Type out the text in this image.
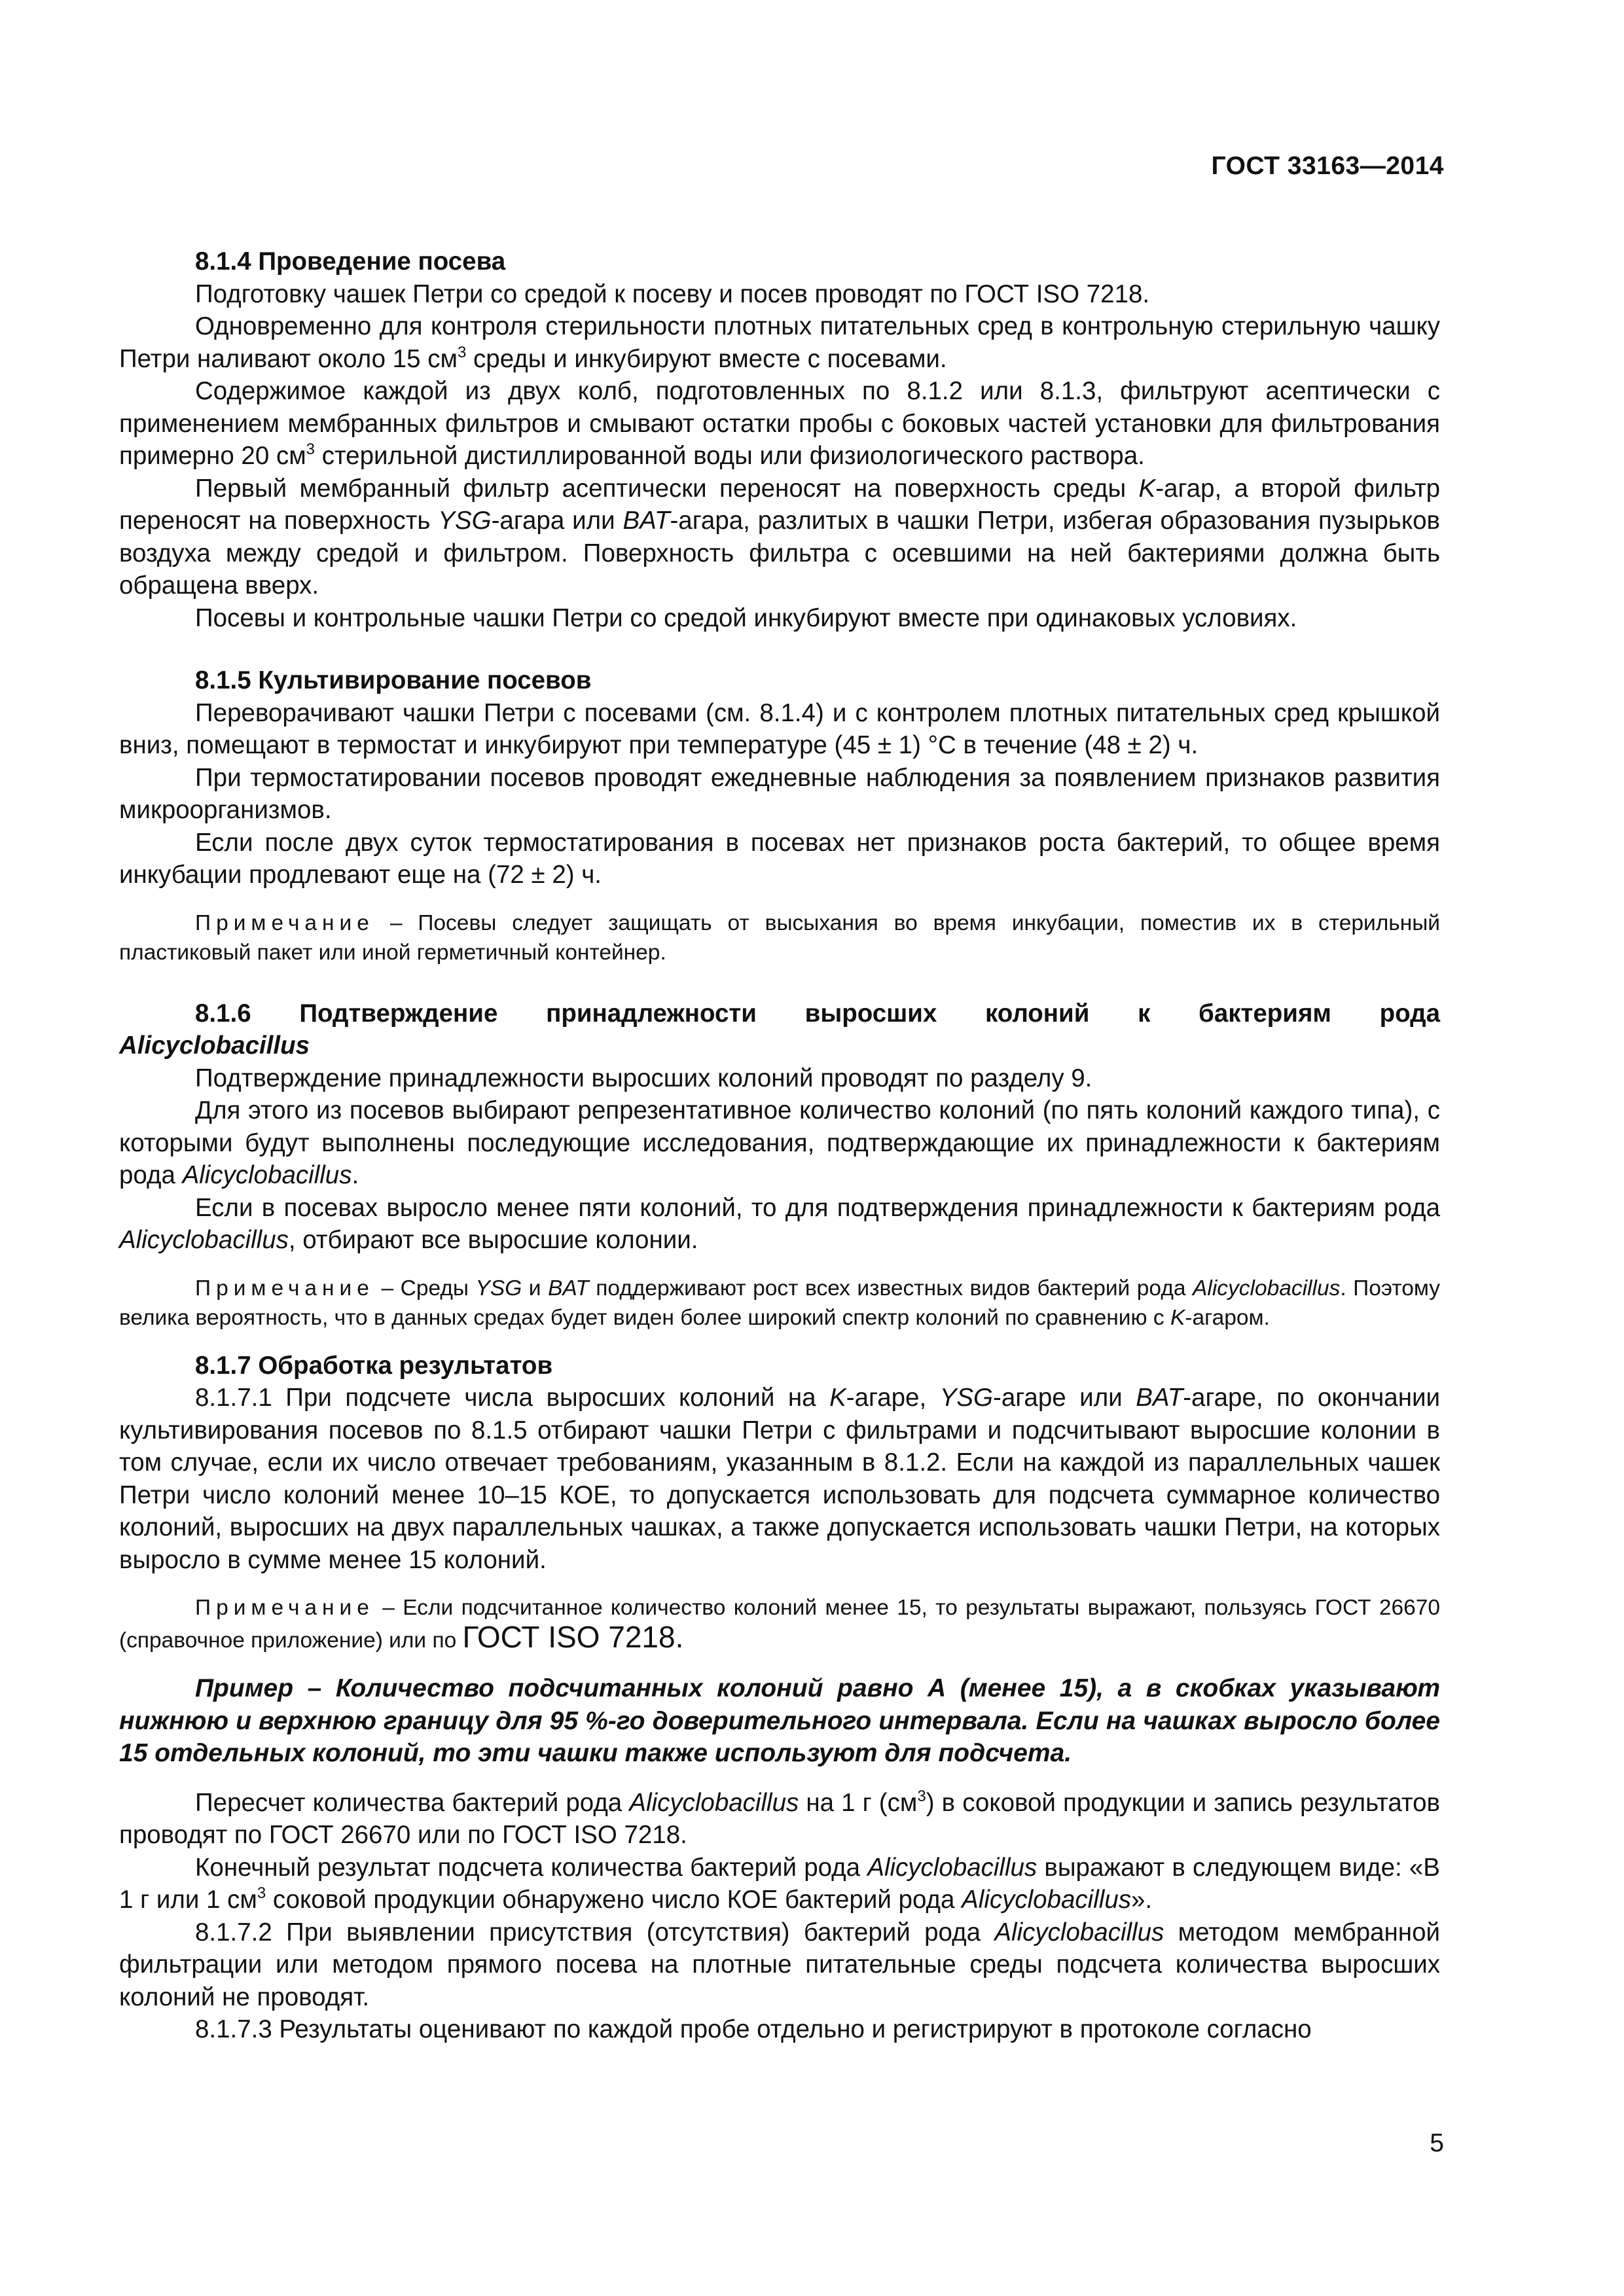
ГОСТ 33163—2014
8.1.4 Проведение посева

Подготовку чашек Петри со средой к посеву и посев проводят по ГОСТ ISO 7218.

Одновременно для контроля стерильности плотных питательных сред в контрольную стерильную чашку Петри наливают около 15 $см^3$ среды и инкубируют вместе с посевами.

Содержимое каждой из двух колб, подготовленных по 8.1.2 или 8.1.3, фильтруют асептически с применением мембранных фильтров и смывают остатки пробы с боковых частей установки для фильтрования примерно 20 $см^3$ стерильной дистиллированной воды или физиологического раствора.

Первый мембранный фильтр асептически переносят на поверхность среды K-агар, а второй фильтр переносят на поверхность YSG-агара или BAT-агара, разлитых в чашки Петри, избегая образования пузырьков воздуха между средой и фильтром. Поверхность фильтра с осевшими на ней бактериями должна быть обращена вверх.

Посевы и контрольные чашки Петри со средой инкубируют вместе при одинаковых условиях.

8.1.5 Культивирование посевов

Переворачивают чашки Петри с посевами (см. 8.1.4) и с контролем плотных питательных сред крышкой вниз, помещают в термостат и инкубируют при температуре (45 ± 1) °С в течение (48 ± 2) ч.

При термостатировании посевов проводят ежедневные наблюдения за появлением признаков развития микроорганизмов.

Если после двух суток термостатирования в посевах нет признаков роста бактерий, то общее время инкубации продлевают еще на (72 ± 2) ч.

Примечание – Посевы следует защищать от высыхания во время инкубации, поместив их в стерильный пластиковый пакет или иной герметичный контейнер.

8.1.6 Подтверждение принадлежности выросших колоний к бактериям рода

Alicyclobacillus

Подтверждение принадлежности выросших колоний проводят по разделу 9.

Для этого из посевов выбирают репрезентативное количество колоний (по пять колоний каждого типа), с которыми будут выполнены последующие исследования, подтверждающие их принадлежности к бактериям рода Alicyclobacillus.

Если в посевах выросло менее пяти колоний, то для подтверждения принадлежности к бактериям рода Alicyclobacillus, отбирают все выросшие колонии.

Примечание – Среды YSG и BAT поддерживают рост всех известных видов бактерий рода Alicyclobacillus. Поэтому велика вероятность, что в данных средах будет виден более широкий спектр колоний по сравнению с K-агаром.

8.1.7 Обработка результатов

8.1.7.1 При подсчете числа выросших колоний на K-агаре, YSG-агаре или BAT-агаре, по окончании культивирования посевов по 8.1.5 отбирают чашки Петри с фильтрами и подсчитывают выросшие колонии в том случае, если их число отвечает требованиям, указанным в 8.1.2. Если на каждой из параллельных чашек Петри число колоний менее 10–15 КОЕ, то допускается использовать для подсчета суммарное количество колоний, выросших на двух параллельных чашках, а также допускается использовать чашки Петри, на которых выросло в сумме менее 15 колоний.

Примечание – Если подсчитанное количество колоний менее 15, то результаты выражают, пользуясь ГОСТ 26670 (справочное приложение) или по ГОСТ ISO 7218.

Пример – Количество подсчитанных колоний равно А (менее 15), а в скобках указывают нижнюю и верхнюю границу для 95 %-го доверительного интервала. Если на чашках выросло более 15 отдельных колоний, то эти чашки также используют для подсчета.

Пересчет количества бактерий рода Alicyclobacillus на 1 г $(см^3)$ в соковой продукции и запись результатов проводят по ГОСТ 26670 или по ГОСТ ISO 7218.

Конечный результат подсчета количества бактерий рода Alicyclobacillus выражают в следующем виде: «В 1 г или 1 $см^3$ соковой продукции обнаружено число КОЕ бактерий рода Alicyclobacillus».

8.1.7.2 При выявлении присутствия (отсутствия) бактерий рода Alicyclobacillus методом мембранной фильтрации или методом прямого посева на плотные питательные среды подсчета количества выросших колоний не проводят.

8.1.7.3 Результаты оценивают по каждой пробе отдельно и регистрируют в протоколе согласно

5
